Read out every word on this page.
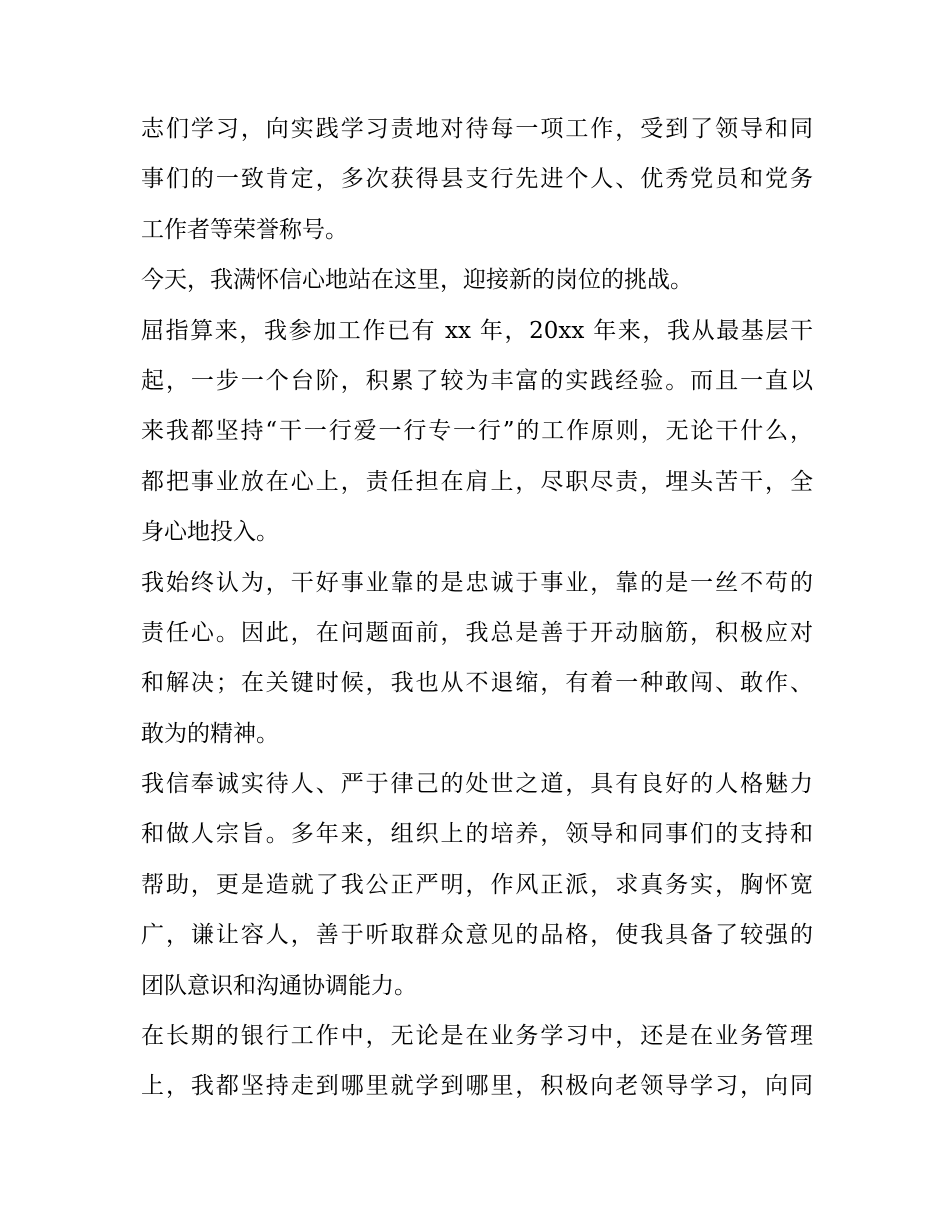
志们学习，向实践学习责地对待每一项工作，受到了领导和同
事们的一致肯定，多次获得县支行先进个人、优秀党员和党务
工作者等荣誉称号。
今天，我满怀信心地站在这里，迎接新的岗位的挑战。
屈指算来，我参加工作已有 xx 年，20xx 年来，我从最基层干
起，一步一个台阶，积累了较为丰富的实践经验。而且一直以
来我都坚持“干一行爱一行专一行”的工作原则，无论干什么，
都把事业放在心上，责任担在肩上，尽职尽责，埋头苦干，全
身心地投入。
我始终认为，干好事业靠的是忠诚于事业，靠的是一丝不苟的
责任心。因此，在问题面前，我总是善于开动脑筋，积极应对
和解决；在关键时候，我也从不退缩，有着一种敢闯、敢作、
敢为的精神。
我信奉诚实待人、严于律己的处世之道，具有良好的人格魅力
和做人宗旨。多年来，组织上的培养，领导和同事们的支持和
帮助，更是造就了我公正严明，作风正派，求真务实，胸怀宽
广，谦让容人，善于听取群众意见的品格，使我具备了较强的
团队意识和沟通协调能力。
在长期的银行工作中，无论是在业务学习中，还是在业务管理
上，我都坚持走到哪里就学到哪里，积极向老领导学习，向同
